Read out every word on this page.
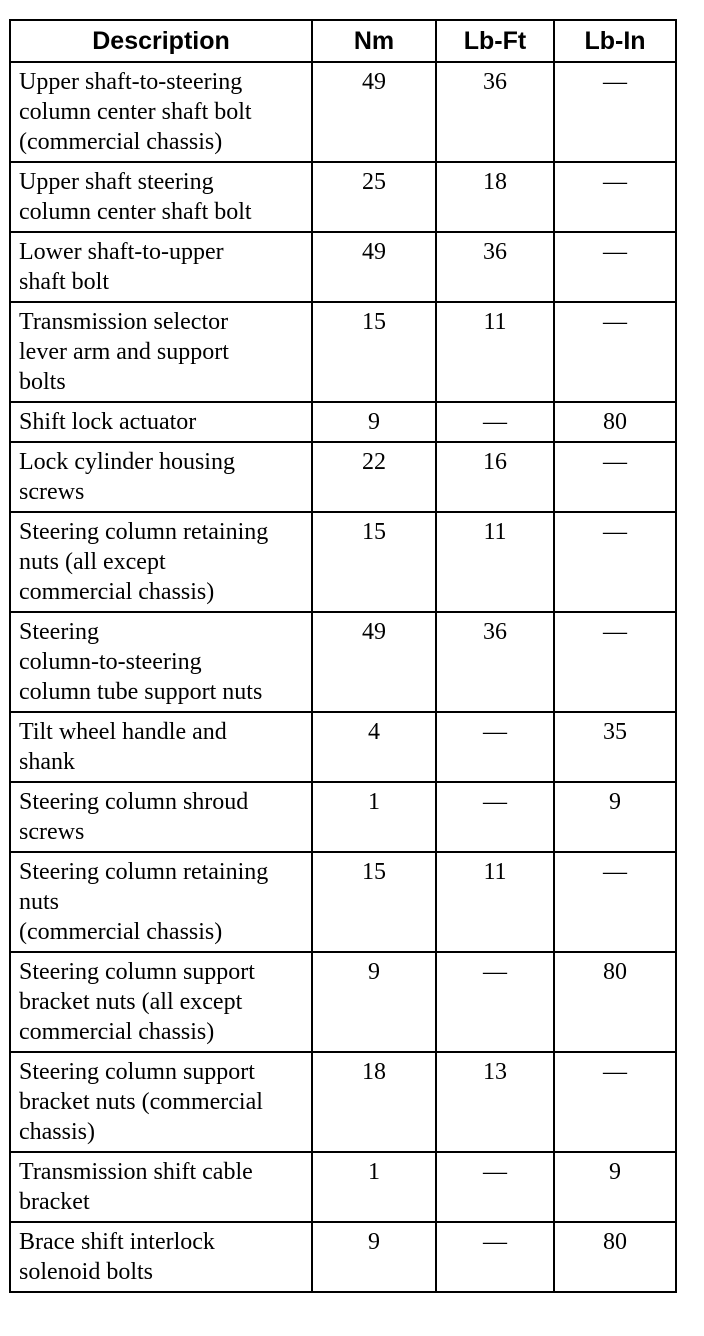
Description	Nm	Lb-Ft	Lb-In

Upper shaft-to-steering
column center shaft bolt
(commercial chassis)	49	36	—

Upper shaft steering
column center shaft bolt	25	18	—

Lower shaft-to-upper
shaft bolt	49	36	—

Transmission selector
lever arm and support
bolts	15	11	—

Shift lock actuator	9	—	80

Lock cylinder housing
screws	22	16	—

Steering column retaining
nuts (all except
commercial chassis)	15	11	—

Steering
column-to-steering
column tube support nuts	49	36	—

Tilt wheel handle and
shank	4	—	35

Steering column shroud
screws	1	—	9

Steering column retaining
nuts
(commercial chassis)	15	11	—

Steering column support
bracket nuts (all except
commercial chassis)	9	—	80

Steering column support
bracket nuts (commercial
chassis)	18	13	—

Transmission shift cable
bracket	1	—	9

Brace shift interlock
solenoid bolts	9	—	80
